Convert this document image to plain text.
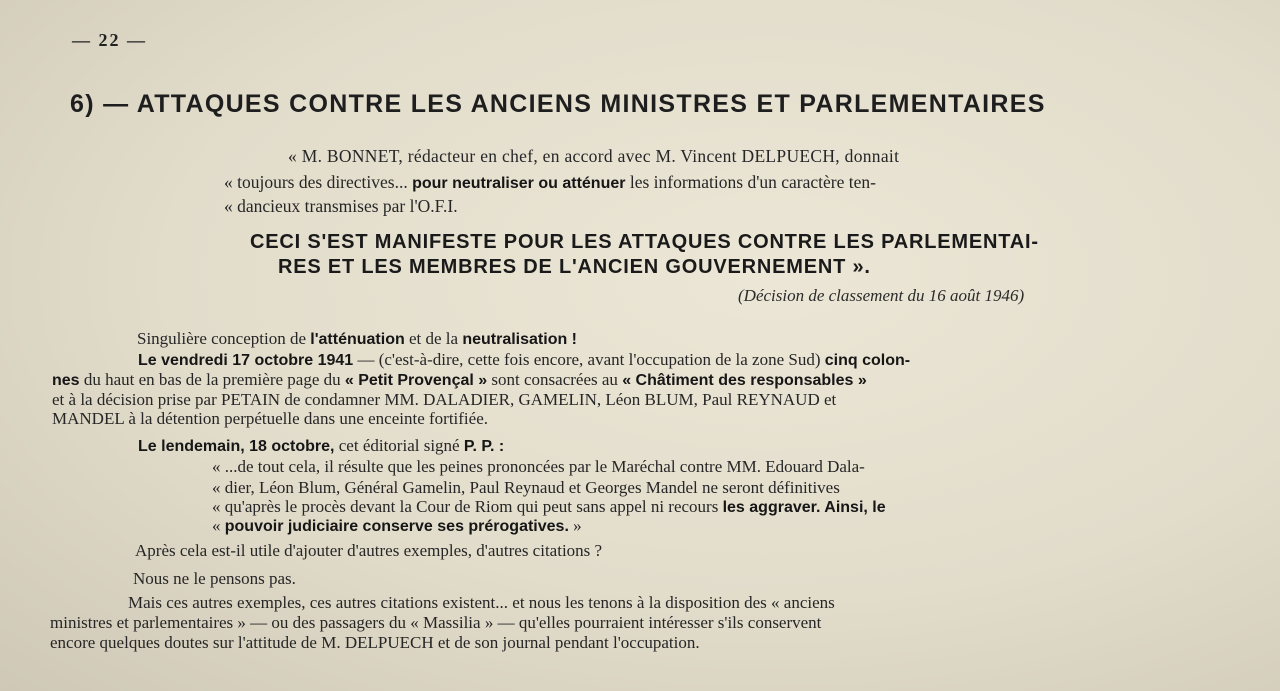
— 22 —
6) — ATTAQUES CONTRE LES ANCIENS MINISTRES ET PARLEMENTAIRES
« M. BONNET, rédacteur en chef, en accord avec M. Vincent DELPUECH, donnait
« toujours des directives... pour neutraliser ou atténuer les informations d'un caractère ten-
« dancieux transmises par l'O.F.I.
CECI S'EST MANIFESTE POUR LES ATTAQUES CONTRE LES PARLEMENTAI-
RES ET LES MEMBRES DE L'ANCIEN GOUVERNEMENT ».
(Décision de classement du 16 août 1946)
Singulière conception de l'atténuation et de la neutralisation !
Le vendredi 17 octobre 1941 — (c'est-à-dire, cette fois encore, avant l'occupation de la zone Sud) cinq colon-
nes du haut en bas de la première page du « Petit Provençal » sont consacrées au « Châtiment des responsables »
et à la décision prise par PETAIN de condamner MM. DALADIER, GAMELIN, Léon BLUM, Paul REYNAUD et
MANDEL à la détention perpétuelle dans une enceinte fortifiée.
Le lendemain, 18 octobre, cet éditorial signé P. P. :
« ...de tout cela, il résulte que les peines prononcées par le Maréchal contre MM. Edouard Dala-
« dier, Léon Blum, Général Gamelin, Paul Reynaud et Georges Mandel ne seront définitives
« qu'après le procès devant la Cour de Riom qui peut sans appel ni recours les aggraver. Ainsi, le
« pouvoir judiciaire conserve ses prérogatives. »
Après cela est-il utile d'ajouter d'autres exemples, d'autres citations ?
Nous ne le pensons pas.
Mais ces autres exemples, ces autres citations existent... et nous les tenons à la disposition des « anciens
ministres et parlementaires » — ou des passagers du « Massilia » — qu'elles pourraient intéresser s'ils conservent
encore quelques doutes sur l'attitude de M. DELPUECH et de son journal pendant l'occupation.
